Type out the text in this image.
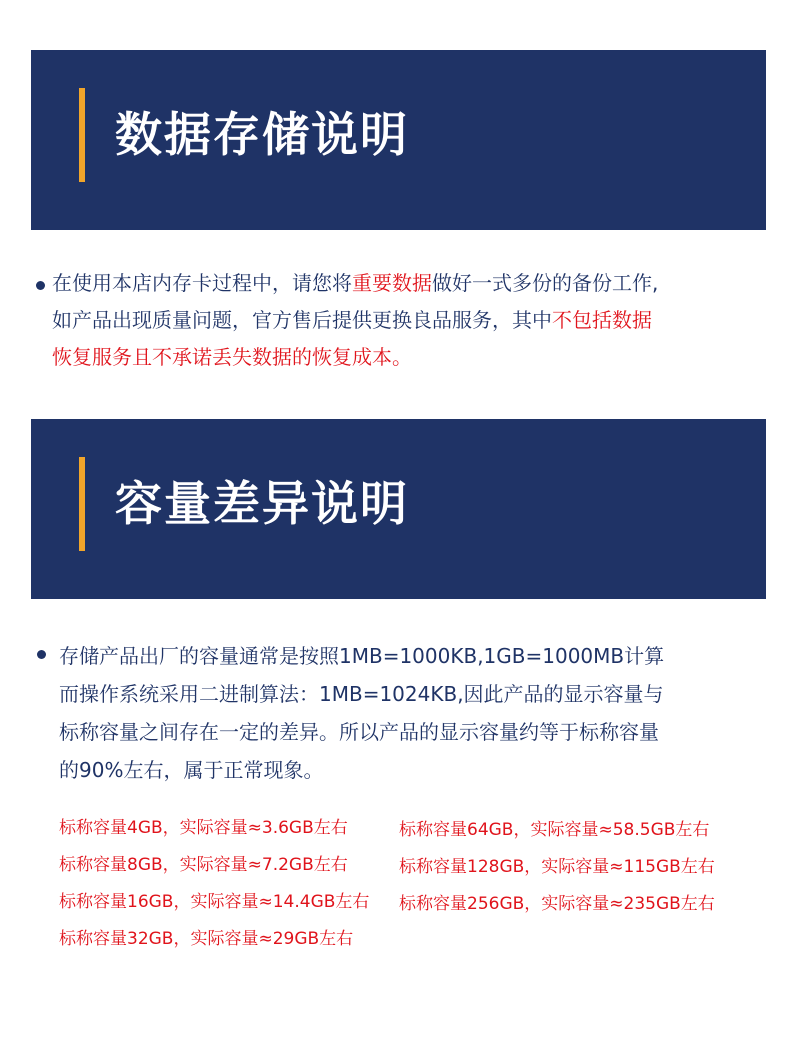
数据存储说明
在使用本店内存卡过程中，请您将重要数据做好一式多份的备份工作,
如产品出现质量问题，官方售后提供更换良品服务，其中不包括数据
恢复服务且不承诺丢失数据的恢复成本。
容量差异说明
存储产品出厂的容量通常是按照1MB=1000KB,1GB=1000MB计算
而操作系统采用二进制算法：1MB=1024KB,因此产品的显示容量与
标称容量之间存在一定的差异。所以产品的显示容量约等于标称容量
的90%左右，属于正常现象。
标称容量4GB，实际容量≈3.6GB左右
标称容量8GB，实际容量≈7.2GB左右
标称容量16GB，实际容量≈14.4GB左右
标称容量32GB，实际容量≈29GB左右
标称容量64GB，实际容量≈58.5GB左右
标称容量128GB，实际容量≈115GB左右
标称容量256GB，实际容量≈235GB左右
